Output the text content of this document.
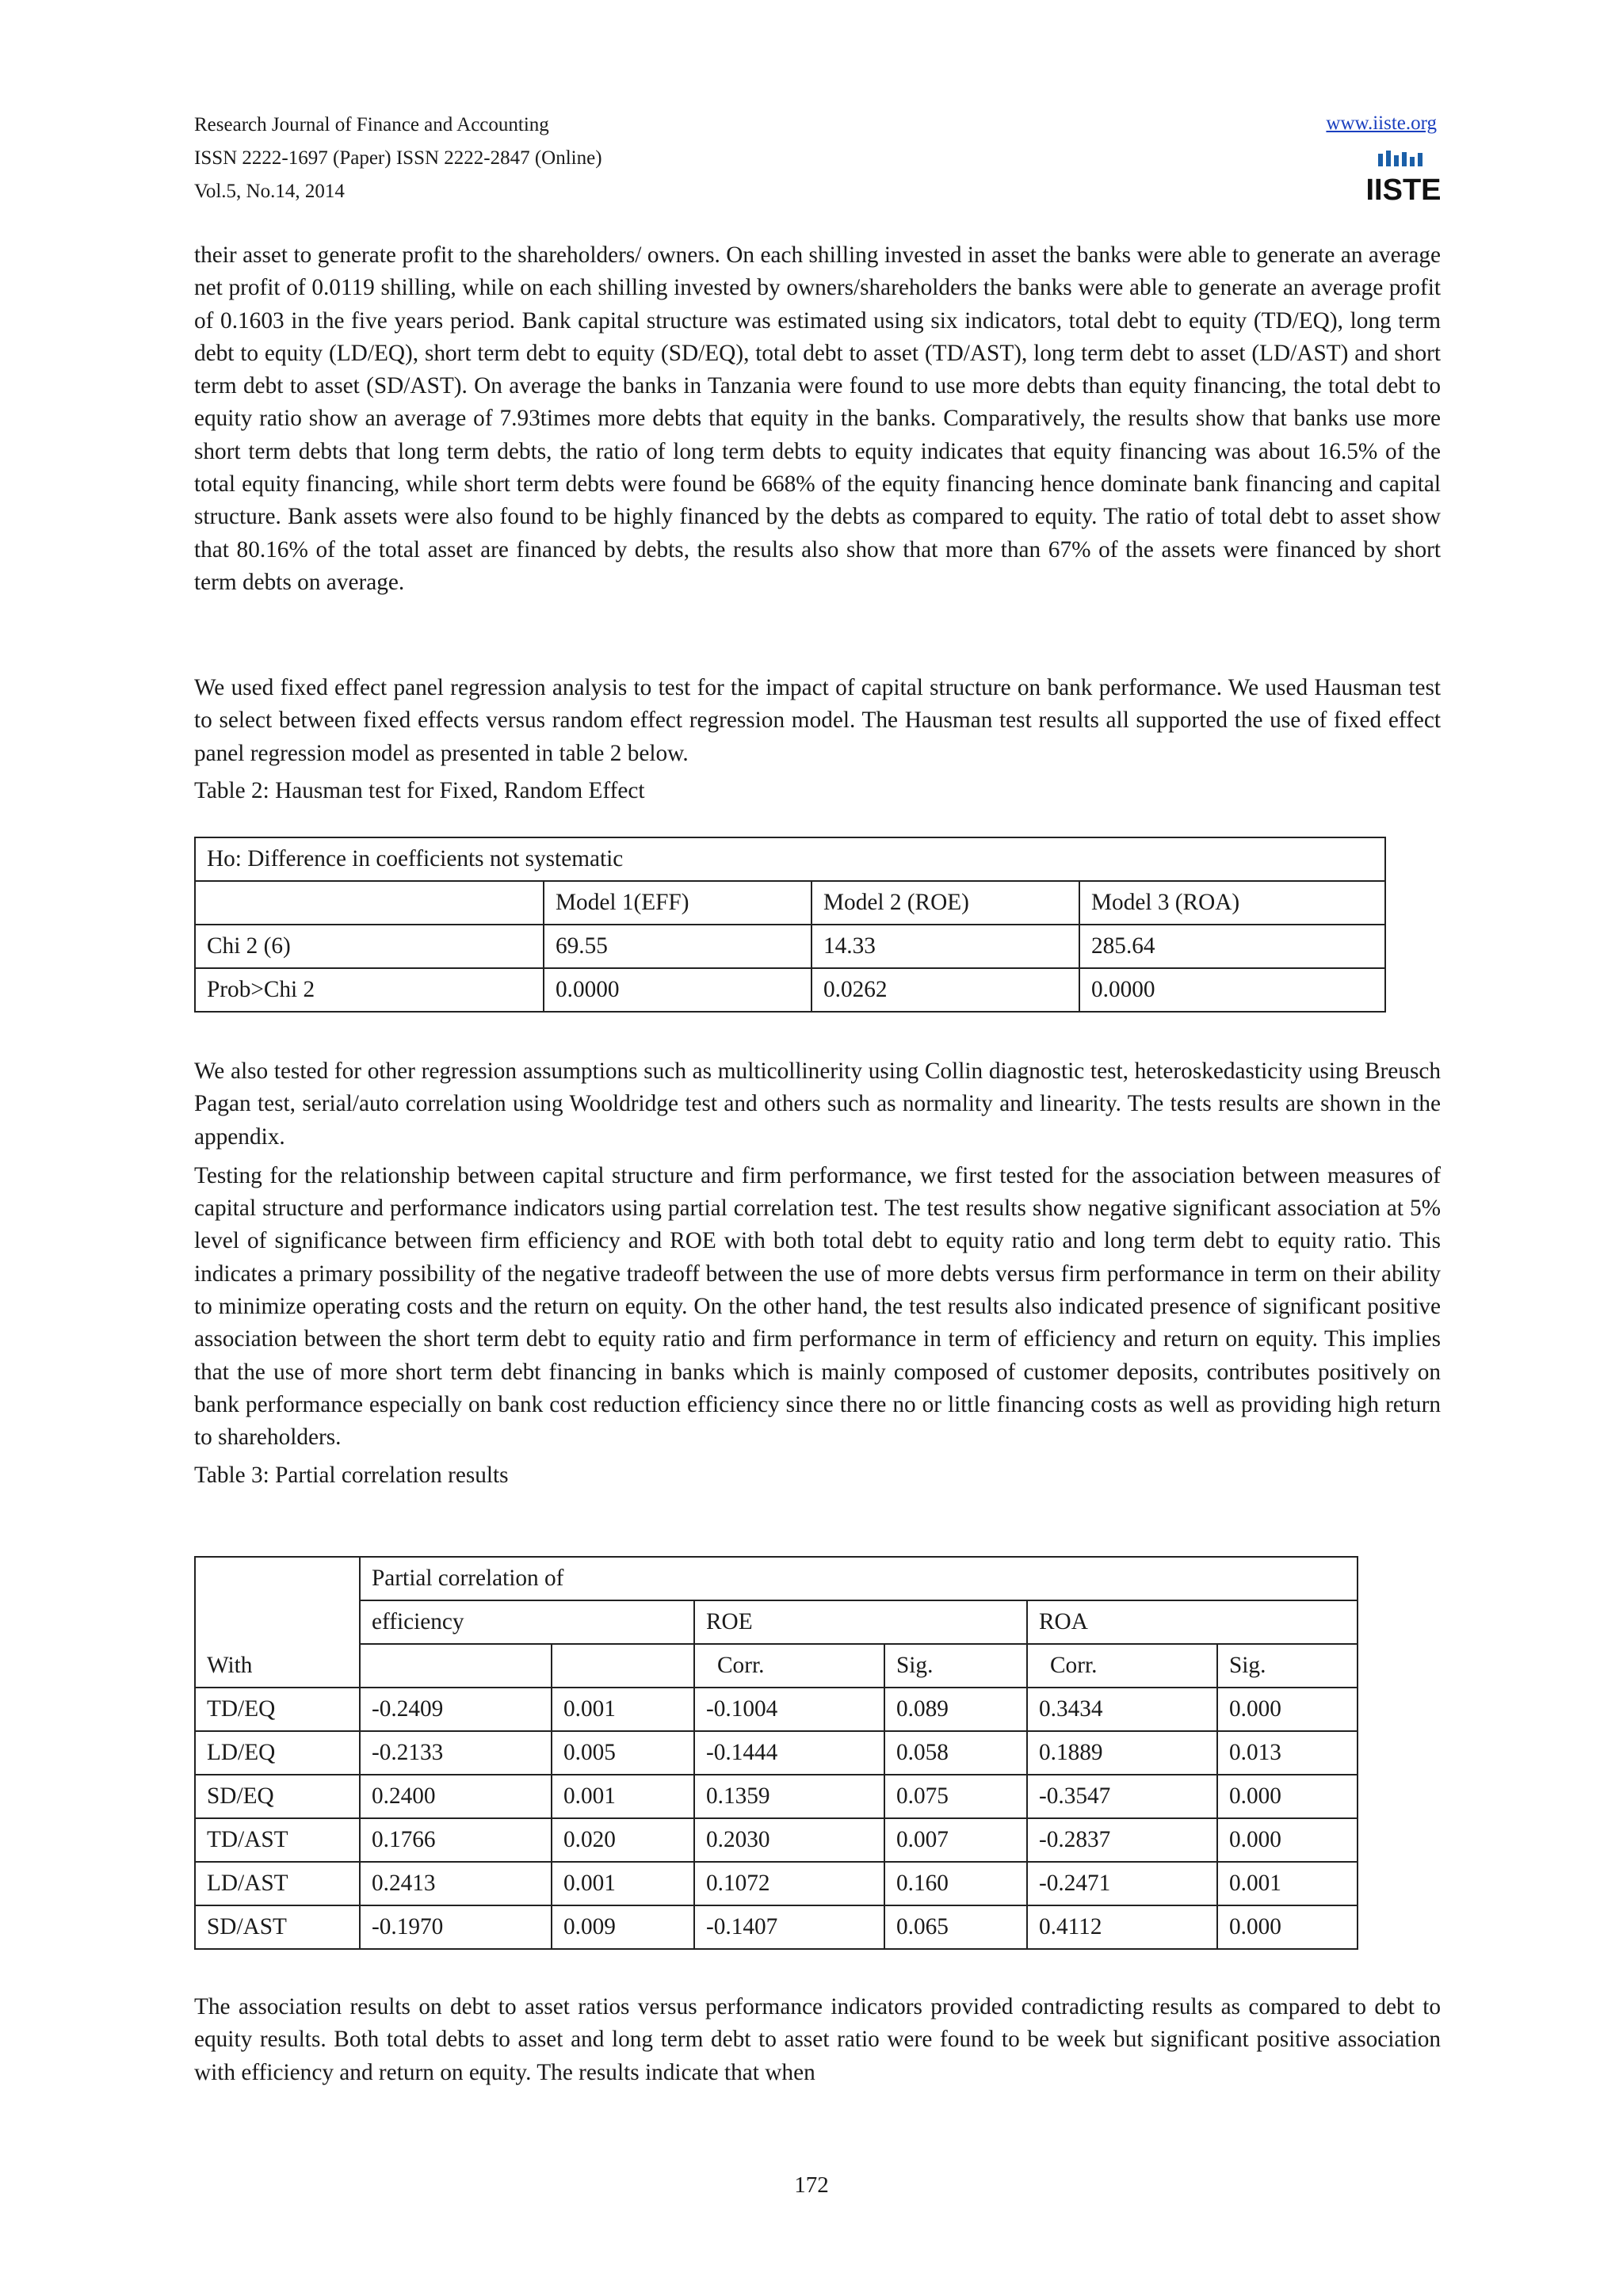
Research Journal of Finance and Accounting
ISSN 2222-1697 (Paper) ISSN 2222-2847 (Online)
Vol.5, No.14, 2014
www.iiste.org
IISTE

their asset to generate profit to the shareholders/ owners. On each shilling invested in asset the banks were able to generate an average net profit of 0.0119 shilling, while on each shilling invested by owners/shareholders the banks were able to generate an average profit of 0.1603 in the five years period. Bank capital structure was estimated using six indicators, total debt to equity (TD/EQ), long term debt to equity (LD/EQ), short term debt to equity (SD/EQ), total debt to asset (TD/AST), long term debt to asset (LD/AST) and short term debt to asset (SD/AST). On average the banks in Tanzania were found to use more debts than equity financing, the total debt to equity ratio show an average of 7.93times more debts that equity in the banks. Comparatively, the results show that banks use more short term debts that long term debts, the ratio of long term debts to equity indicates that equity financing was about 16.5% of the total equity financing, while short term debts were found be 668% of the equity financing hence dominate bank financing and capital structure. Bank assets were also found to be highly financed by the debts as compared to equity. The ratio of total debt to asset show that 80.16% of the total asset are financed by debts, the results also show that more than 67% of the assets were financed by short term debts on average.

We used fixed effect panel regression analysis to test for the impact of capital structure on bank performance. We used Hausman test to select between fixed effects versus random effect regression model. The Hausman test results all supported the use of fixed effect panel regression model as presented in table 2 below.

Table 2: Hausman test for Fixed, Random Effect

Ho: Difference in coefficients not systematic			
	Model 1(EFF)	Model 2 (ROE)	Model 3 (ROA)
Chi 2 (6)	69.55	14.33	285.64
Prob>Chi 2	0.0000	0.0262	0.0000

We also tested for other regression assumptions such as multicollinerity using Collin diagnostic test, heteroskedasticity using Breusch Pagan test, serial/auto correlation using Wooldridge test and others such as normality and linearity. The tests results are shown in the appendix.

Testing for the relationship between capital structure and firm performance, we first tested for the association between measures of capital structure and performance indicators using partial correlation test. The test results show negative significant association at 5% level of significance between firm efficiency and ROE with both total debt to equity ratio and long term debt to equity ratio. This indicates a primary possibility of the negative tradeoff between the use of more debts versus firm performance in term on their ability to minimize operating costs and the return on equity. On the other hand, the test results also indicated presence of significant positive association between the short term debt to equity ratio and firm performance in term of efficiency and return on equity. This implies that the use of more short term debt financing in banks which is mainly composed of customer deposits, contributes positively on bank performance especially on bank cost reduction efficiency since there no or little financing costs as well as providing high return to shareholders.

Table 3: Partial correlation results

	Partial correlation of					
	efficiency		ROE		ROA	
With			Corr.	Sig.	Corr.	Sig.
TD/EQ	-0.2409	0.001	-0.1004	0.089	0.3434	0.000
LD/EQ	-0.2133	0.005	-0.1444	0.058	0.1889	0.013
SD/EQ	0.2400	0.001	0.1359	0.075	-0.3547	0.000
TD/AST	0.1766	0.020	0.2030	0.007	-0.2837	0.000
LD/AST	0.2413	0.001	0.1072	0.160	-0.2471	0.001
SD/AST	-0.1970	0.009	-0.1407	0.065	0.4112	0.000

The association results on debt to asset ratios versus performance indicators provided contradicting results as compared to debt to equity results. Both total debts to asset and long term debt to asset ratio were found to be week but significant positive association with efficiency and return on equity. The results indicate that when

172
